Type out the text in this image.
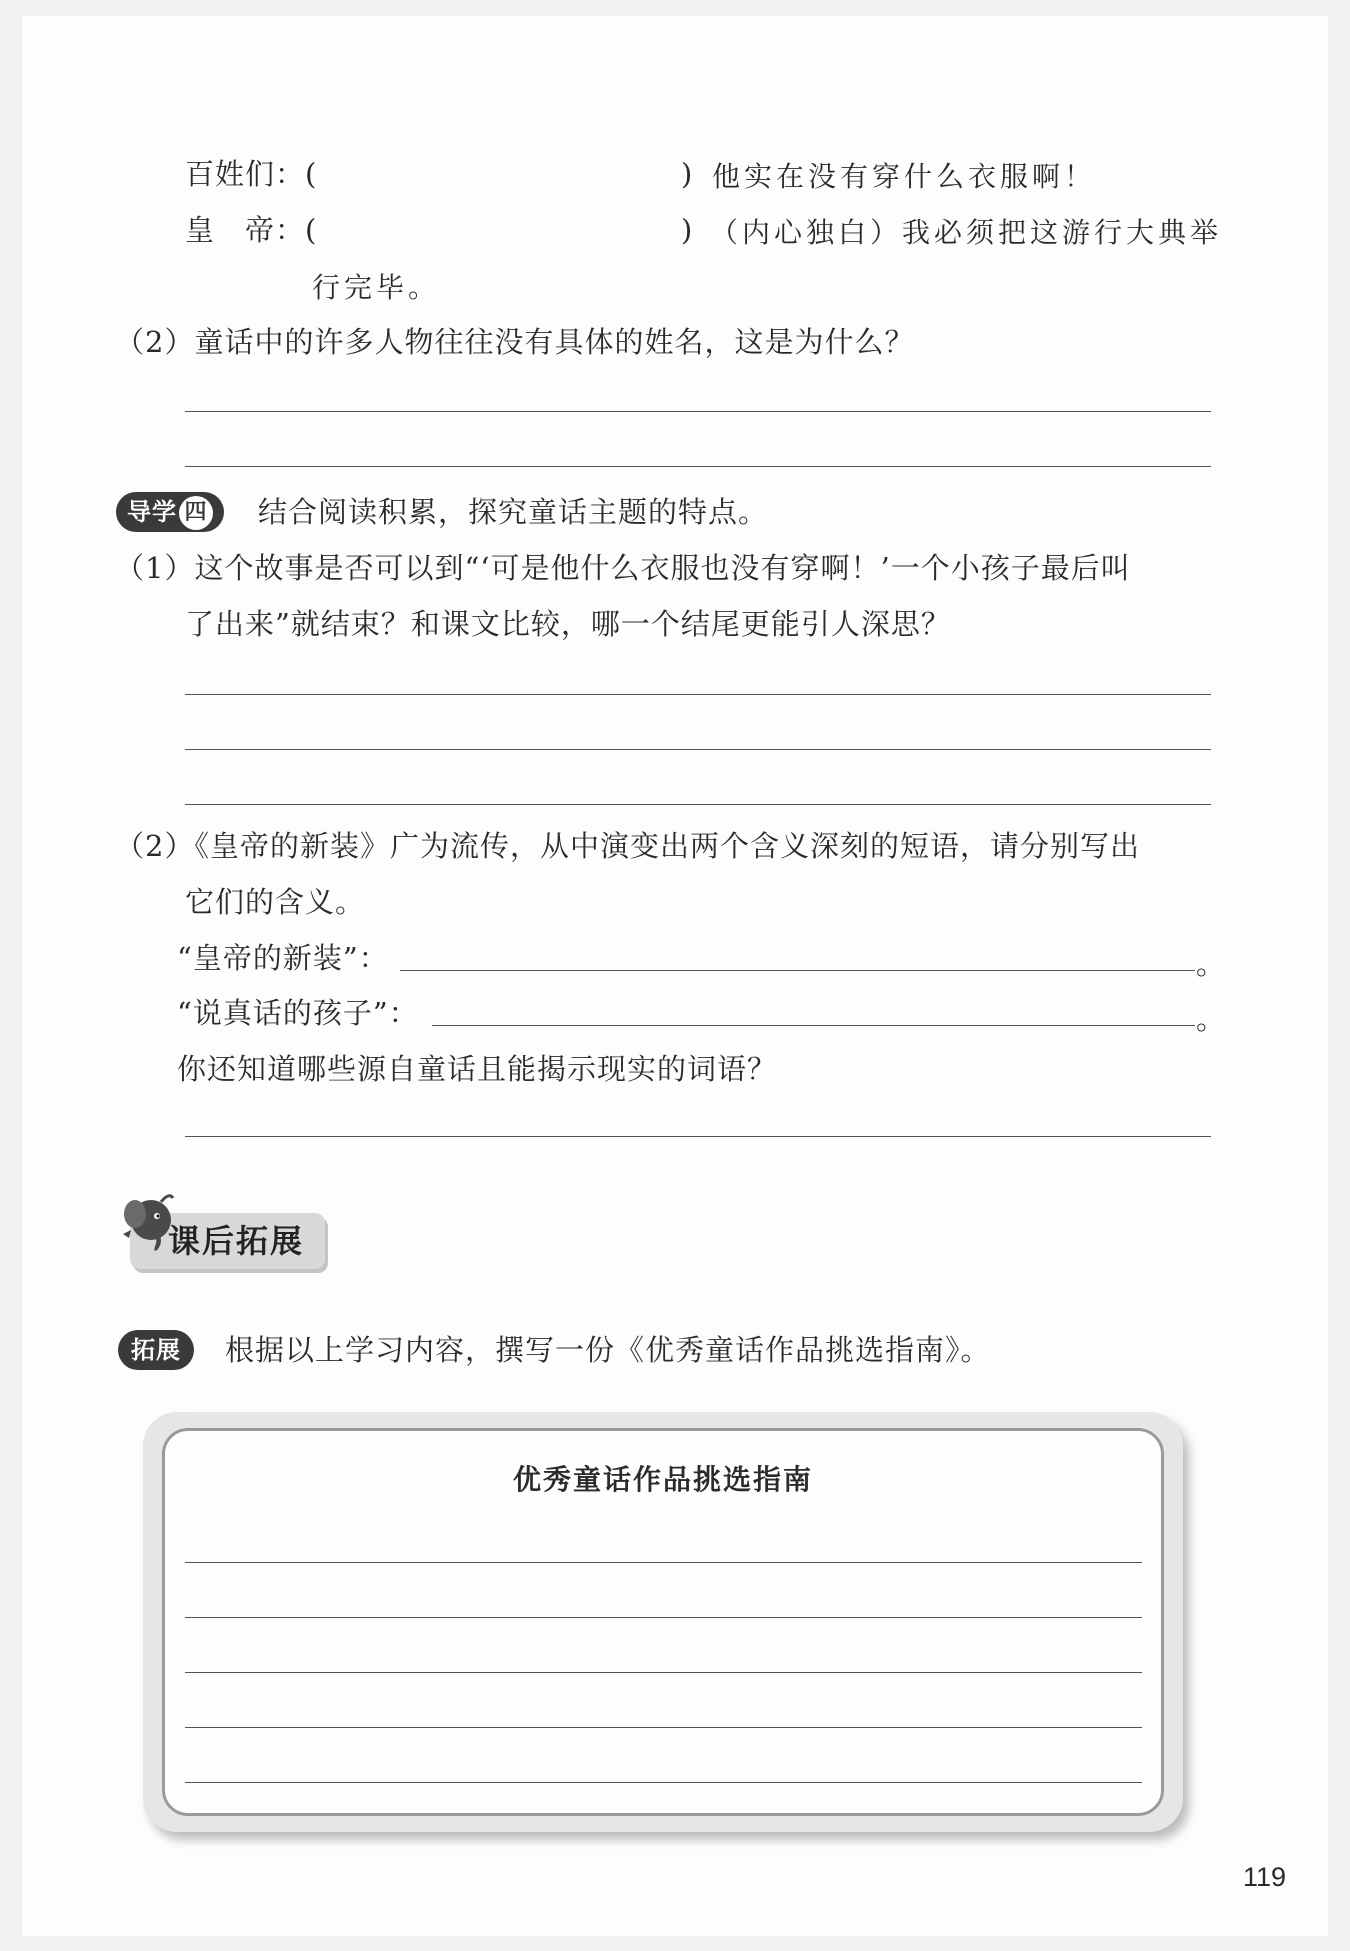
百姓们：(	) 他实在没有穿什么衣服啊！
皇　帝：(	) （内心独白）我必须把这游行大典举
行完毕。
（2）童话中的许多人物往往没有具体的姓名，这是为什么？
导学 四	结合阅读积累，探究童话主题的特点。
（1）这个故事是否可以到“‘可是他什么衣服也没有穿啊！’一个小孩子最后叫
了出来”就结束？和课文比较，哪一个结尾更能引人深思？
（2）《皇帝的新装》广为流传，从中演变出两个含义深刻的短语，请分别写出
它们的含义。
“皇帝的新装”：	。
“说真话的孩子”：	。
你还知道哪些源自童话且能揭示现实的词语？
课后拓展
拓展	根据以上学习内容，撰写一份《优秀童话作品挑选指南》。
优秀童话作品挑选指南
119
